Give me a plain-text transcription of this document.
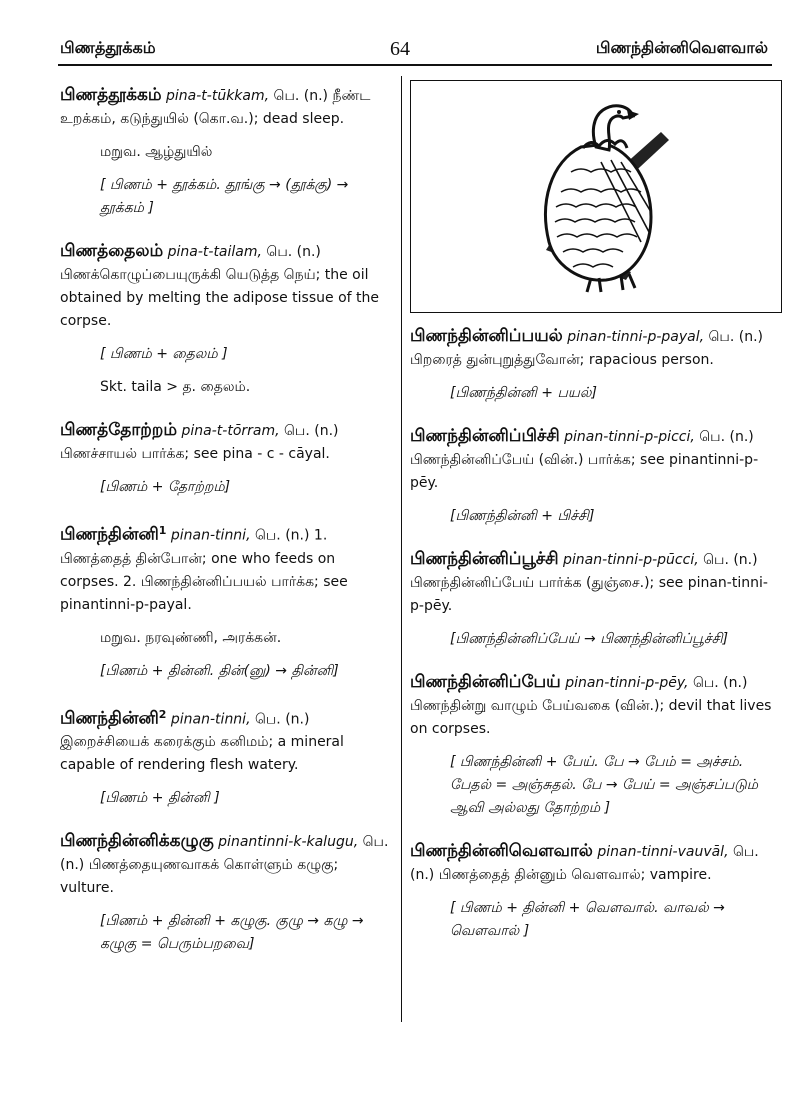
பிணத்தூக்கம்	64	பிணந்தின்னிவௌவால்

பிணத்தூக்கம் pina-t-tūkkam, பெ. (n.) நீண்ட உறக்கம், கடுந்துயில் (கொ.வ.); dead sleep.

மறுவ. ஆழ்துயில்

[ பிணம் + தூக்கம். தூங்கு → (தூக்கு) → தூக்கம் ]

பிணத்தைலம் pina-t-tailam, பெ. (n.) பிணக்கொழுப்பையுருக்கி யெடுத்த நெய்; the oil obtained by melting the adipose tissue of the corpse.

[ பிணம் + தைலம் ]

Skt. taila > த. தைலம்.

பிணத்தோற்றம் pina-t-tōrram, பெ. (n.) பிணச்சாயல் பார்க்க; see pina - c - cāyal.

[பிணம் + தோற்றம்]

பிணந்தின்னி$^1$ pinan-tinni, பெ. (n.) 1. பிணத்தைத் தின்போன்; one who feeds on corpses. 2. பிணந்தின்னிப்பயல் பார்க்க; see pinantinni-p-payal.

மறுவ. நரவுண்ணி, அரக்கன்.

[பிணம் + தின்னி. தின்(னு) → தின்னி]

பிணந்தின்னி$^2$ pinan-tinni, பெ. (n.) இறைச்சியைக் கரைக்கும் கனிமம்; a mineral capable of rendering flesh watery.

[பிணம் + தின்னி ]

பிணந்தின்னிக்கழுகு pinantinni-k-kalugu, பெ. (n.) பிணத்தையுணவாகக் கொள்ளும் கழுகு; vulture.

[பிணம் + தின்னி + கழுகு. குழு → கழு → கழுகு = பெரும்பறவை]

பிணந்தின்னிப்பயல் pinan-tinni-p-payal, பெ. (n.) பிறரைத் துன்புறுத்துவோன்; rapacious person.

[பிணந்தின்னி + பயல்]

பிணந்தின்னிப்பிச்சி pinan-tinni-p-picci, பெ. (n.) பிணந்தின்னிப்பேய் (வின்.) பார்க்க; see pinantinni-p-pēy.

[பிணந்தின்னி + பிச்சி]

பிணந்தின்னிப்பூச்சி pinan-tinni-p-pūcci, பெ. (n.) பிணந்தின்னிப்பேய் பார்க்க (துஞ்சை.); see pinan-tinni-p-pēy.

[பிணந்தின்னிப்பேய் → பிணந்தின்னிப்பூச்சி]

பிணந்தின்னிப்பேய் pinan-tinni-p-pēy, பெ. (n.) பிணந்தின்று வாழும் பேய்வகை (வின்.); devil that lives on corpses.

[ பிணந்தின்னி + பேய். பே → பேம் = அச்சம். பேதல் = அஞ்சுதல். பே → பேய் = அஞ்சப்படும் ஆவி அல்லது தோற்றம் ]

பிணந்தின்னிவௌவால் pinan-tinni-vauvāl, பெ. (n.) பிணத்தைத் தின்னும் வௌவால்; vampire.

[ பிணம் + தின்னி + வௌவால். வாவல் → வௌவால் ]
